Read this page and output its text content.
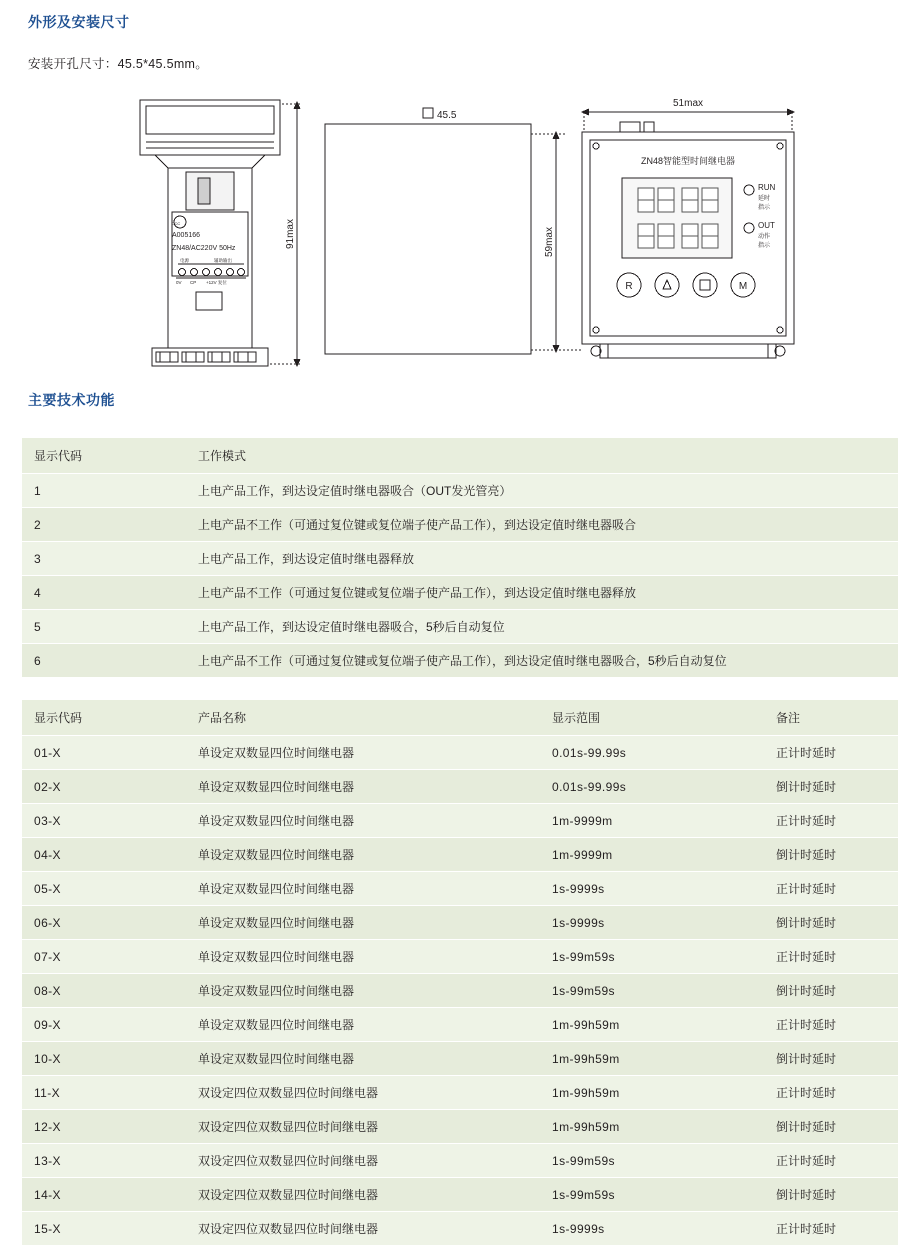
外形及安装尺寸
安装开孔尺寸：45.5*45.5mm。
A005166
ZN48/AC220V 50Hz
电源	辅助输出
0V CP +12V 复位
CCC	91max	59max
51max
45.5
ZN48智能型时间继电器
RUN
延时
指示
OUT
动作
指示
R	M
主要技术功能
显示代码	工作模式
1	上电产品工作，到达设定值时继电器吸合（OUT发光管亮）
2	上电产品不工作（可通过复位键或复位端子使产品工作），到达设定值时继电器吸合
3	上电产品工作，到达设定值时继电器释放
4	上电产品不工作（可通过复位键或复位端子使产品工作），到达设定值时继电器释放
5	上电产品工作，到达设定值时继电器吸合，5秒后自动复位
6	上电产品不工作（可通过复位键或复位端子使产品工作），到达设定值时继电器吸合，5秒后自动复位
显示代码	产品名称	显示范围	备注
01-X	单设定双数显四位时间继电器	0.01s-99.99s	正计时延时
02-X	单设定双数显四位时间继电器	0.01s-99.99s	倒计时延时
03-X	单设定双数显四位时间继电器	1m-9999m	正计时延时
04-X	单设定双数显四位时间继电器	1m-9999m	倒计时延时
05-X	单设定双数显四位时间继电器	1s-9999s	正计时延时
06-X	单设定双数显四位时间继电器	1s-9999s	倒计时延时
07-X	单设定双数显四位时间继电器	1s-99m59s	正计时延时
08-X	单设定双数显四位时间继电器	1s-99m59s	倒计时延时
09-X	单设定双数显四位时间继电器	1m-99h59m	正计时延时
10-X	单设定双数显四位时间继电器	1m-99h59m	倒计时延时
11-X	双设定四位双数显四位时间继电器	1m-99h59m	正计时延时
12-X	双设定四位双数显四位时间继电器	1m-99h59m	倒计时延时
13-X	双设定四位双数显四位时间继电器	1s-99m59s	正计时延时
14-X	双设定四位双数显四位时间继电器	1s-99m59s	倒计时延时
15-X	双设定四位双数显四位时间继电器	1s-9999s	正计时延时
